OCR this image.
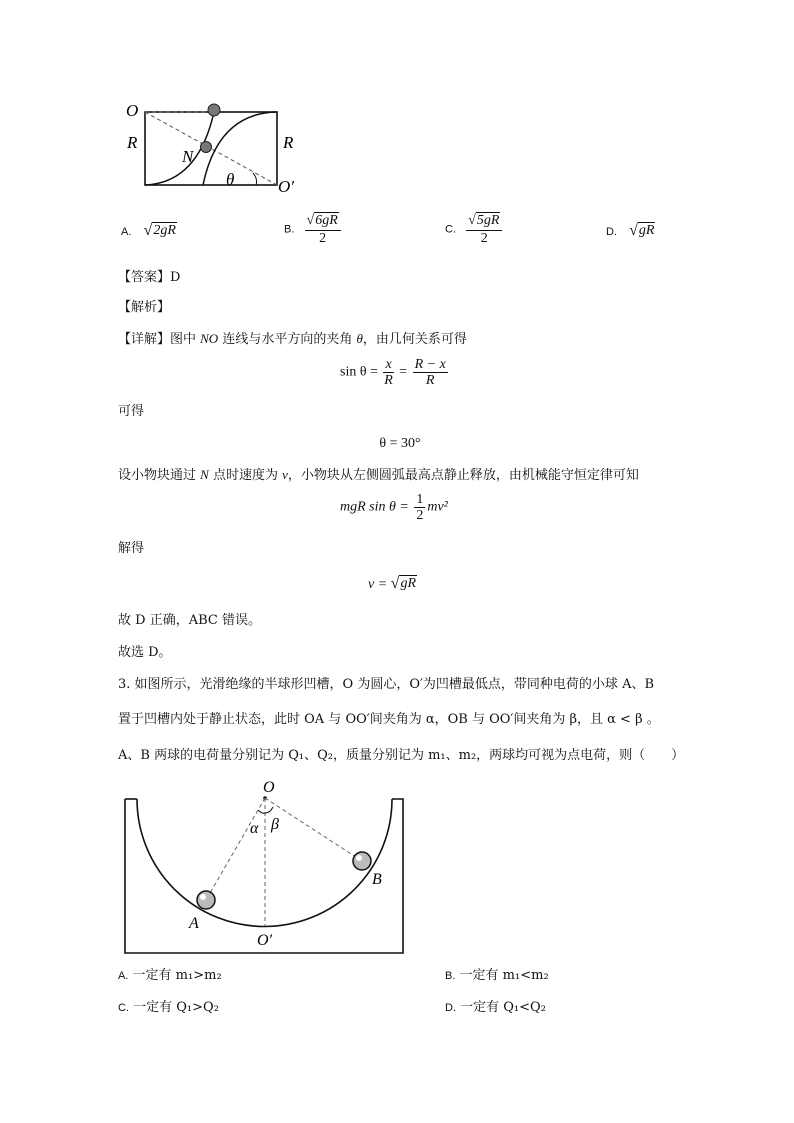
O
R
N
R
θ	O′
A. √ 2gR	B. $\frac{√ 6gR}{2}$	C. $\frac{√ 5gR}{2}$	D. √ gR
【答案】D
【解析】
【详解】图中 NO 连线与水平方向的夹角 θ，由几何关系可得
$\sin \theta = \frac{x}{R} = \frac{R - x}{R}$
可得
θ = 30°
设小物块通过 N 点时速度为 v，小物块从左侧圆弧最高点静止释放，由机械能守恒定律可知
mgR $\sin \theta = \frac{1}{2} mv^2$
解得
v = √ gR
故 D 正确，ABC 错误。
故选 D。
3. 如图所示，光滑绝缘的半球形凹槽，O 为圆心，O′为凹槽最低点，带同种电荷的小球 A、B
置于凹槽内处于静止状态，此时 OA 与 OO′间夹角为 α，OB 与 OO′间夹角为 β，且 α < β 。
A、B 两球的电荷量分别记为 Q₁、Q₂，质量分别记为 m₁、m₂，两球均可视为点电荷，则（　　）
O
α β
A
B
O′
A. 一定有 m₁>m₂	B. 一定有 m₁<m₂
C. 一定有 Q₁>Q₂	D. 一定有 Q₁<Q₂
